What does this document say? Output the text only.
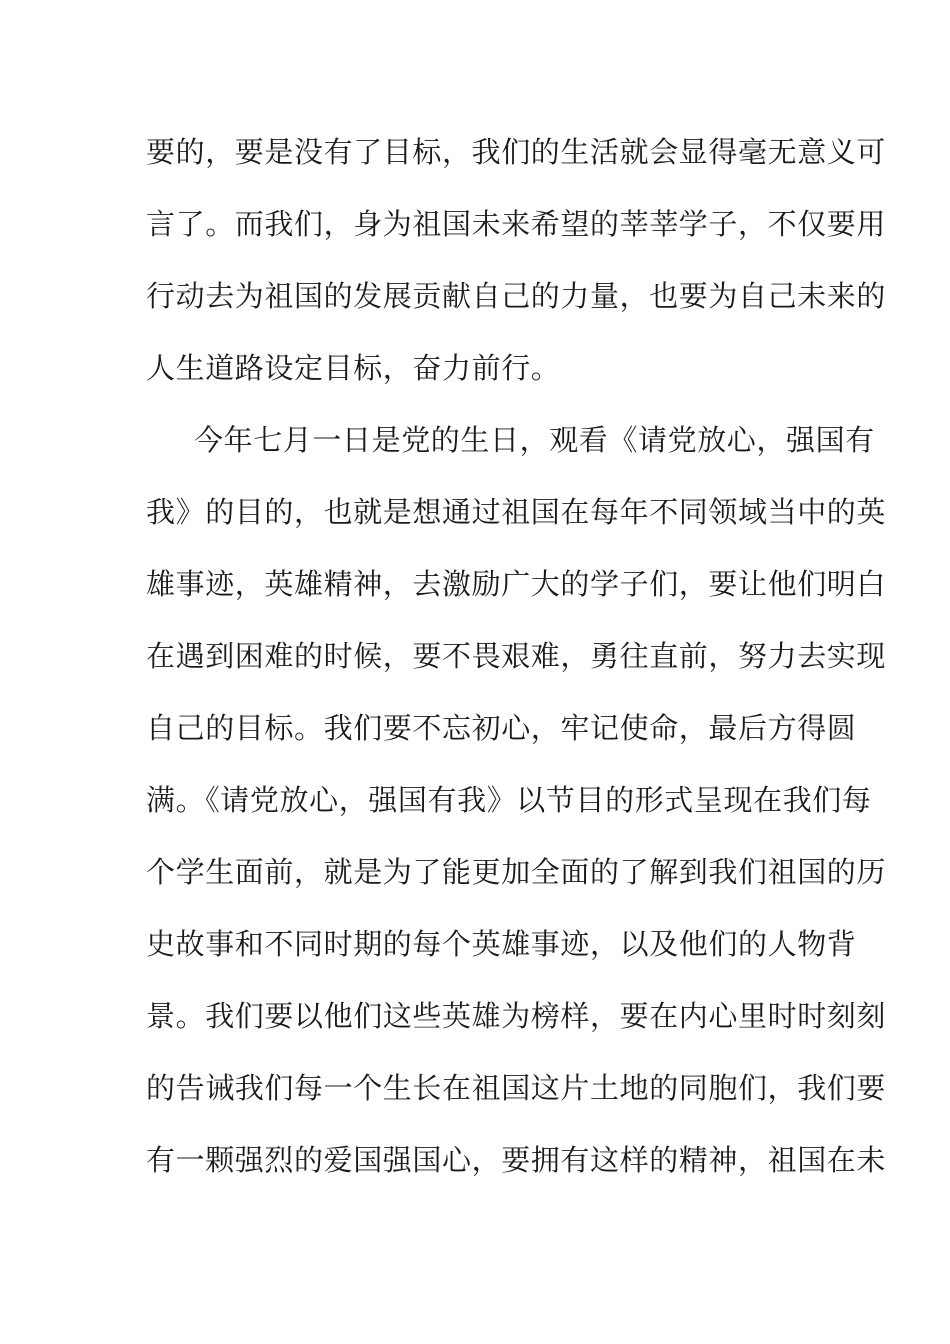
要的，要是没有了目标，我们的生活就会显得毫无意义可
言了。而我们，身为祖国未来希望的莘莘学子，不仅要用
行动去为祖国的发展贡献自己的力量，也要为自己未来的
人生道路设定目标，奋力前行。
今年七月一日是党的生日，观看《请党放心，强国有
我》的目的，也就是想通过祖国在每年不同领域当中的英
雄事迹，英雄精神，去激励广大的学子们，要让他们明白
在遇到困难的时候，要不畏艰难，勇往直前，努力去实现
自己的目标。我们要不忘初心，牢记使命，最后方得圆
满。《请党放心，强国有我》以节目的形式呈现在我们每
个学生面前，就是为了能更加全面的了解到我们祖国的历
史故事和不同时期的每个英雄事迹，以及他们的人物背
景。我们要以他们这些英雄为榜样，要在内心里时时刻刻
的告诫我们每一个生长在祖国这片土地的同胞们，我们要
有一颗强烈的爱国强国心，要拥有这样的精神，祖国在未
